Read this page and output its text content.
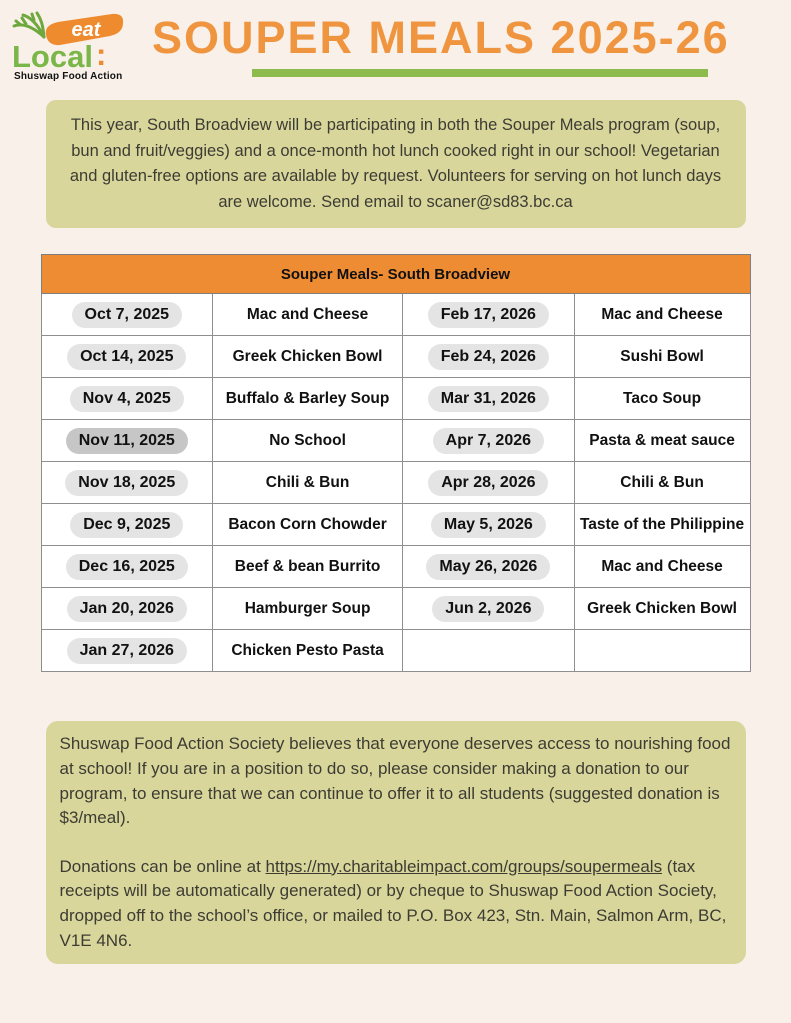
eat
Local :
Shuswap Food Action
SOUPER MEALS 2025-26
This year, South Broadview will be participating in both the Souper Meals program (soup, bun and fruit/veggies) and a once-month hot lunch cooked right in our school! Vegetarian and gluten-free options are available by request. Volunteers for serving on hot lunch days are welcome. Send email to scaner@sd83.bc.ca
Souper Meals- South Broadview			
Oct 7, 2025	Mac and Cheese	Feb 17, 2026	Mac and Cheese
Oct 14, 2025	Greek Chicken Bowl	Feb 24, 2026	Sushi Bowl
Nov 4, 2025	Buffalo & Barley Soup	Mar 31, 2026	Taco Soup
Nov 11, 2025	No School	Apr 7, 2026	Pasta & meat sauce
Nov 18, 2025	Chili & Bun	Apr 28, 2026	Chili & Bun
Dec 9, 2025	Bacon Corn Chowder	May 5, 2026	Taste of the Philippine
Dec 16, 2025	Beef & bean Burrito	May 26, 2026	Mac and Cheese
Jan 20, 2026	Hamburger Soup	Jun 2, 2026	Greek Chicken Bowl
Jan 27, 2026	Chicken Pesto Pasta		

Shuswap Food Action Society believes that everyone deserves access to nourishing food at school! If you are in a position to do so, please consider making a donation to our program, to ensure that we can continue to offer it to all students (suggested donation is $3/meal).

Donations can be online at https://my.charitableimpact.com/groups/soupermeals (tax receipts will be automatically generated) or by cheque to Shuswap Food Action Society, dropped off to the school’s office, or mailed to P.O. Box 423, Stn. Main, Salmon Arm, BC, V1E 4N6.
